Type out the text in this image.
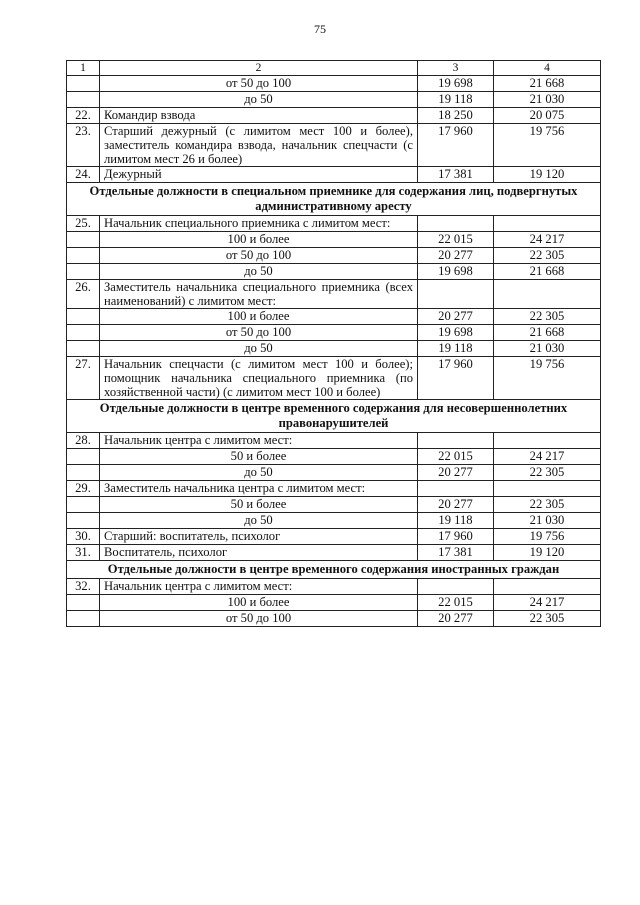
75
1	2	3	4
	от 50 до 100	19 698	21 668
	до 50	19 118	21 030
22.	Командир взвода	18 250	20 075
23.	Старший дежурный (с лимитом мест 100 и более), заместитель командира взвода, начальник спецчасти (с лимитом мест 26 и более)	17 960	19 756
24.	Дежурный	17 381	19 120
Отдельные должности в специальном приемнике для содержания лиц, подвергнутых административному аресту			
25.	Начальник специального приемника с лимитом мест:		
	100 и более	22 015	24 217
	от 50 до 100	20 277	22 305
	до 50	19 698	21 668
26.	Заместитель начальника специального приемника (всех наименований) с лимитом мест:		
	100 и более	20 277	22 305
	от 50 до 100	19 698	21 668
	до 50	19 118	21 030
27.	Начальник спецчасти (с лимитом мест 100 и более); помощник начальника специального приемника (по хозяйственной части) (с лимитом мест 100 и более)	17 960	19 756
Отдельные должности в центре временного содержания для несовершеннолетних правонарушителей			
28.	Начальник центра с лимитом мест:		
	50 и более	22 015	24 217
	до 50	20 277	22 305
29.	Заместитель начальника центра с лимитом мест:		
	50 и более	20 277	22 305
	до 50	19 118	21 030
30.	Старший: воспитатель, психолог	17 960	19 756
31.	Воспитатель, психолог	17 381	19 120
Отдельные должности в центре временного содержания иностранных граждан			
32.	Начальник центра с лимитом мест:		
	100 и более	22 015	24 217
	от 50 до 100	20 277	22 305
